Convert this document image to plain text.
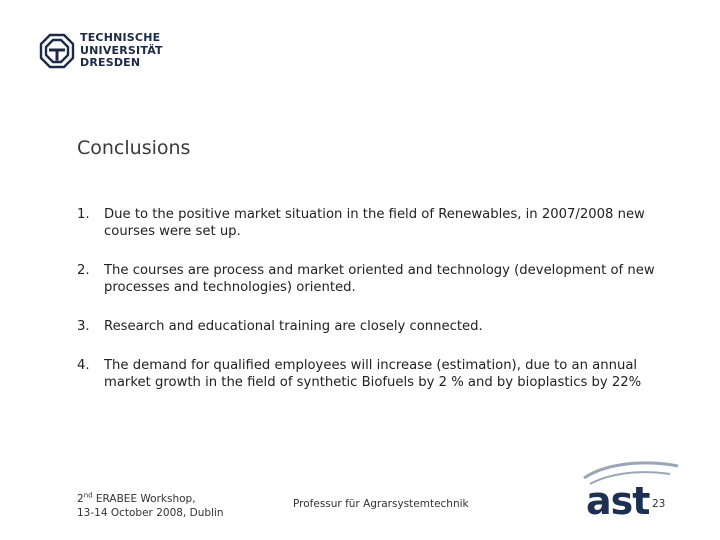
TECHNISCHE
UNIVERSITÄT
DRESDEN
Conclusions
1. Due to the positive market situation in the field of Renewables, in 2007/2008 new courses were set up.
2. The courses are process and market oriented and technology (development of new processes and technologies) oriented.
3. Research and educational training are closely connected.
4. The demand for qualified employees will increase (estimation), due to an annual market growth in the field of synthetic Biofuels by 2 % and by bioplastics by 22%
2nd ERABEE Workshop,
13-14 October 2008, Dublin
Professur für Agrarsystemtechnik	ast 23
